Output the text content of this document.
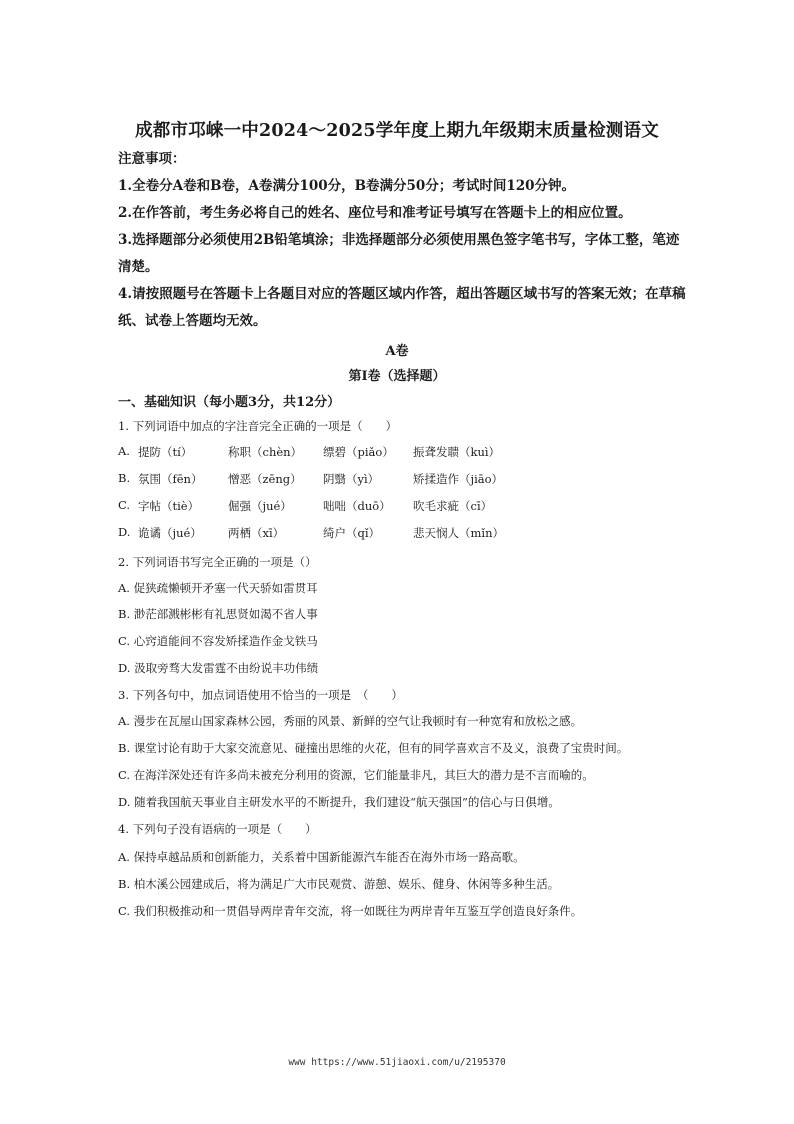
成都市邛崃一中2024～2025学年度上期九年级期末质量检测语文
注意事项：
1.全卷分A卷和B卷，A卷满分100分，B卷满分50分；考试时间120分钟。
2.在作答前，考生务必将自己的姓名、座位号和准考证号填写在答题卡上的相应位置。
3.选择题部分必须使用2B铅笔填涂；非选择题部分必须使用黑色签字笔书写，字体工整，笔迹清楚。
4.请按照题号在答题卡上各题目对应的答题区域内作答，超出答题区域书写的答案无效；在草稿纸、试卷上答题均无效。
A卷
第Ⅰ卷（选择题）
一、基础知识（每小题3分，共12分）
1. 下列词语中加点的字注音完全正确的一项是（　　）
A. 提防（tí）	称职（chèn） 缥碧（piǎo） 振聋发聩（kuì）
B. 氛围（fēn） 憎恶（zēng） 阴翳（yì）	矫揉造作（jiāo）
C. 字帖（tiè）	倔强（jué）	咄咄（duō） 吹毛求疵（cī）
D. 诡谲（jué） 两栖（xī）	绮户（qǐ）	悲天悯人（mǐn）
2. 下列词语书写完全正确的一项是（）
A. 促狭疏懒顿开矛塞一代天骄如雷贯耳
B. 渺茫部溅彬彬有礼思贤如渴不省人事
C. 心窍逍能间不容发矫揉造作金戈铁马
D. 汲取旁骛大发雷霆不由纷说丰功伟绩
3. 下列各句中，加点词语使用不恰当的一项是　（　　）
A. 漫步在瓦屋山国家森林公园，秀丽的风景、新鲜的空气让我顿时有一种宽宥和放松之感。
B. 课堂讨论有助于大家交流意见、碰撞出思维的火花，但有的同学喜欢言不及义，浪费了宝贵时间。
C. 在海洋深处还有许多尚未被充分利用的资源，它们能量非凡，其巨大的潜力是不言而喻的。
D. 随着我国航天事业自主研发水平的不断提升，我们建设“航天强国”的信心与日俱增。
4. 下列句子没有语病的一项是（　　）
A. 保持卓越品质和创新能力，关系着中国新能源汽车能否在海外市场一路高歌。
B. 柏木溪公园建成后，将为满足广大市民观赏、游憩、娱乐、健身、休闲等多种生活。
C. 我们积极推动和一贯倡导两岸青年交流，将一如既往为两岸青年互鉴互学创造良好条件。
www https://www.51jiaoxi.com/u/2195370
